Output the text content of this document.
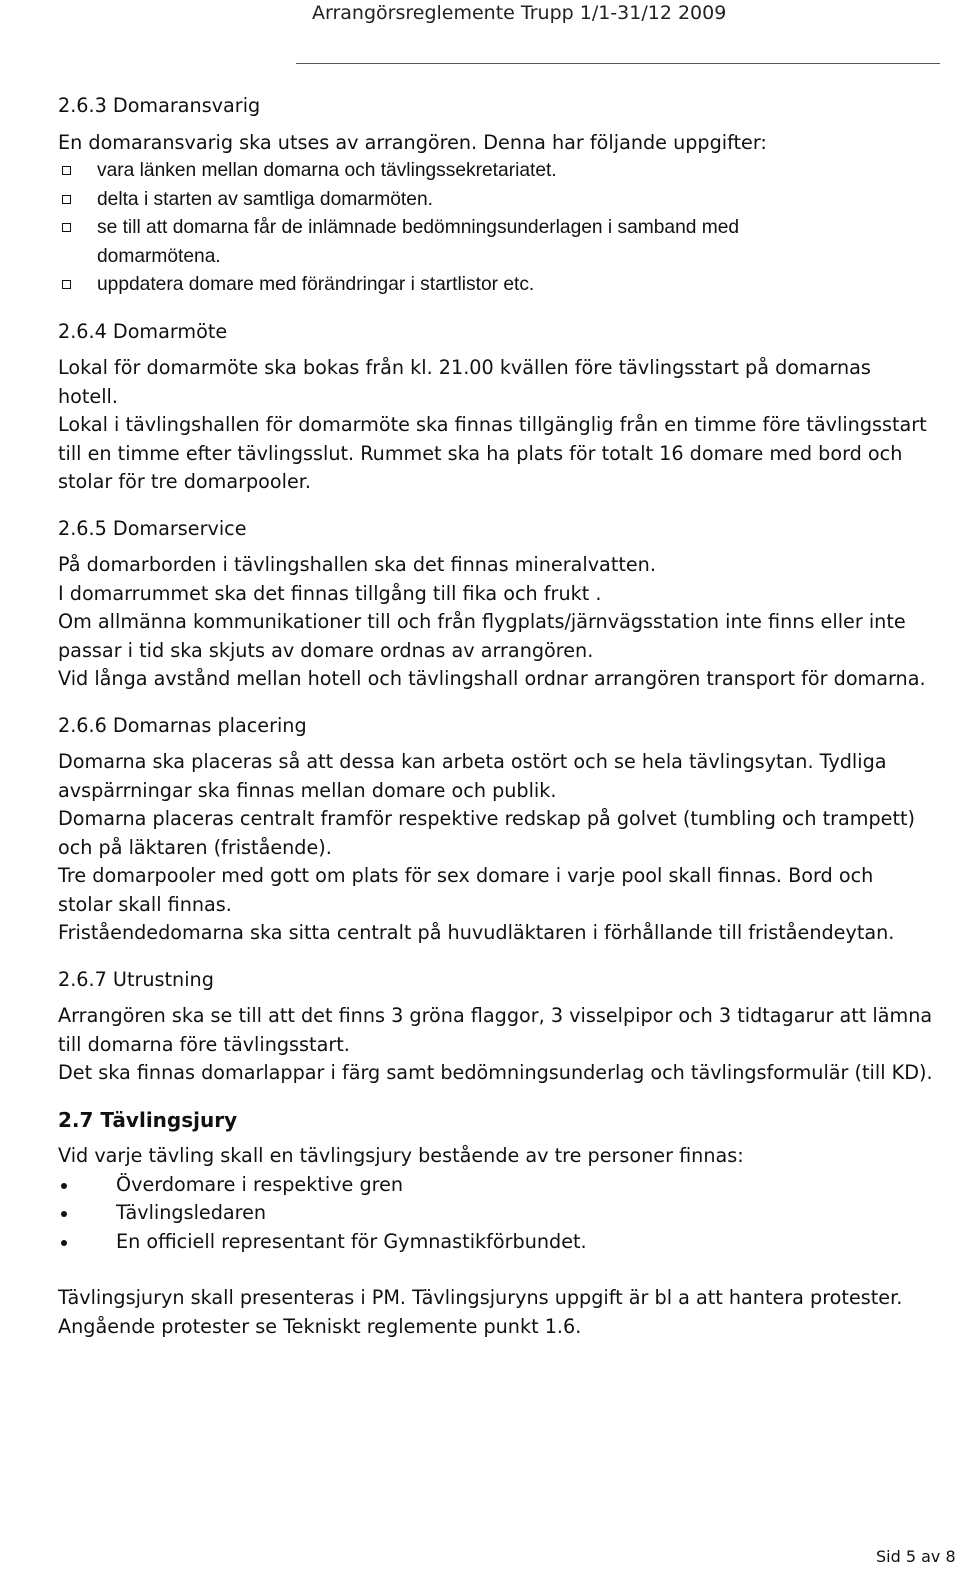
Arrangörsreglemente Trupp 1/1-31/12 2009
2.6.3 Domaransvarig
En domaransvarig ska utses av arrangören. Denna har följande uppgifter:
vara länken mellan domarna och tävlingssekretariatet.
delta i starten av samtliga domarmöten.
se till att domarna får de inlämnade bedömningsunderlagen i samband med
domarmötena.
uppdatera domare med förändringar i startlistor etc.
2.6.4 Domarmöte
Lokal för domarmöte ska bokas från kl. 21.00 kvällen före tävlingsstart på domarnas
hotell.
Lokal i tävlingshallen för domarmöte ska finnas tillgänglig från en timme före tävlingsstart
till en timme efter tävlingsslut. Rummet ska ha plats för totalt 16 domare med bord och
stolar för tre domarpooler.
2.6.5 Domarservice
På domarborden i tävlingshallen ska det finnas mineralvatten.
I domarrummet ska det finnas tillgång till fika och frukt .
Om allmänna kommunikationer till och från flygplats/järnvägsstation inte finns eller inte
passar i tid ska skjuts av domare ordnas av arrangören.
Vid långa avstånd mellan hotell och tävlingshall ordnar arrangören transport för domarna.
2.6.6 Domarnas placering
Domarna ska placeras så att dessa kan arbeta ostört och se hela tävlingsytan. Tydliga
avspärrningar ska finnas mellan domare och publik.
Domarna placeras centralt framför respektive redskap på golvet (tumbling och trampett)
och på läktaren (fristående).
Tre domarpooler med gott om plats för sex domare i varje pool skall finnas. Bord och
stolar skall finnas.
Friståendedomarna ska sitta centralt på huvudläktaren i förhållande till friståendeytan.
2.6.7 Utrustning
Arrangören ska se till att det finns 3 gröna flaggor, 3 visselpipor och 3 tidtagarur att lämna
till domarna före tävlingsstart.
Det ska finnas domarlappar i färg samt bedömningsunderlag och tävlingsformulär (till KD).
2.7 Tävlingsjury
Vid varje tävling skall en tävlingsjury bestående av tre personer finnas:
Överdomare i respektive gren
Tävlingsledaren
En officiell representant för Gymnastikförbundet.
Tävlingsjuryn skall presenteras i PM. Tävlingsjuryns uppgift är bl a att hantera protester.
Angående protester se Tekniskt reglemente punkt 1.6.
Sid 5 av 8
